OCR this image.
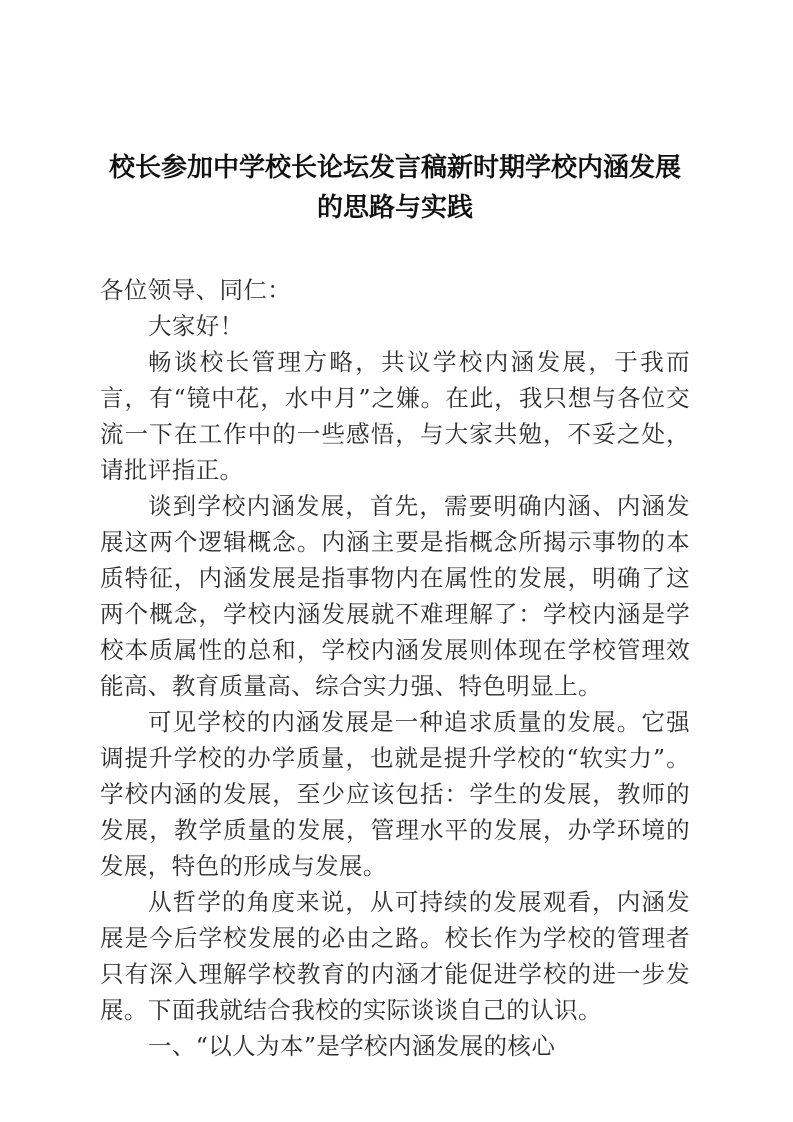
校长参加中学校长论坛发言稿新时期学校内涵发展的思路与实践

各位领导、同仁：

大家好！

畅谈校长管理方略，共议学校内涵发展，于我而言，有“镜中花，水中月”之嫌。在此，我只想与各位交流一下在工作中的一些感悟，与大家共勉，不妥之处，请批评指正。

谈到学校内涵发展，首先，需要明确内涵、内涵发展这两个逻辑概念。内涵主要是指概念所揭示事物的本质特征，内涵发展是指事物内在属性的发展，明确了这两个概念，学校内涵发展就不难理解了：学校内涵是学校本质属性的总和，学校内涵发展则体现在学校管理效能高、教育质量高、综合实力强、特色明显上。

可见学校的内涵发展是一种追求质量的发展。它强调提升学校的办学质量，也就是提升学校的“软实力”。学校内涵的发展，至少应该包括：学生的发展，教师的发展，教学质量的发展，管理水平的发展，办学环境的发展，特色的形成与发展。

从哲学的角度来说，从可持续的发展观看，内涵发展是今后学校发展的必由之路。校长作为学校的管理者只有深入理解学校教育的内涵才能促进学校的进一步发展。下面我就结合我校的实际谈谈自己的认识。

一、“以人为本”是学校内涵发展的核心
